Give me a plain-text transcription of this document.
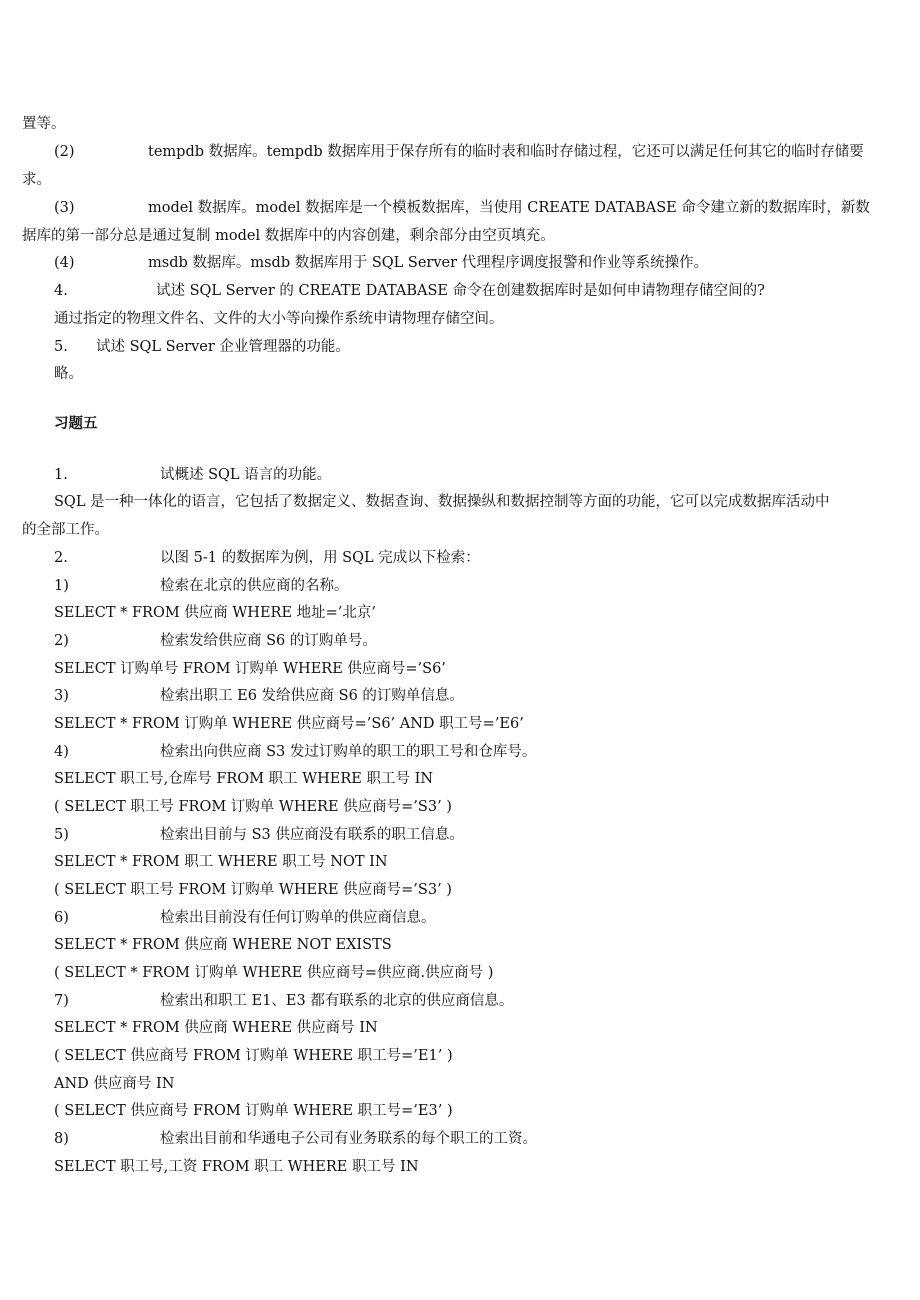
置等。

(2)	tempdb 数据库。tempdb 数据库用于保存所有的临时表和临时存储过程，它还可以满足任何其它的临时存储要
求。
(3)	model 数据库。model 数据库是一个模板数据库，当使用 CREATE DATABASE 命令建立新的数据库时，新数
据库的第一部分总是通过复制 model 数据库中的内容创建，剩余部分由空页填充。
(4)	msdb 数据库。msdb 数据库用于 SQL Server 代理程序调度报警和作业等系统操作。
4.	试述 SQL Server 的 CREATE DATABASE 命令在创建数据库时是如何申请物理存储空间的?
通过指定的物理文件名、文件的大小等向操作系统申请物理存储空间。
5. 试述 SQL Server 企业管理器的功能。
略。
习题五
1.	试概述 SQL 语言的功能。
SQL 是一种一体化的语言，它包括了数据定义、数据查询、数据操纵和数据控制等方面的功能，它可以完成数据库活动中
的全部工作。
2.	以图 5-1 的数据库为例，用 SQL 完成以下检索：
1)	检索在北京的供应商的名称。
SELECT * FROM 供应商 WHERE 地址=’北京’
2)	检索发给供应商 S6 的订购单号。
SELECT 订购单号 FROM 订购单 WHERE 供应商号=’S6’
3)	检索出职工 E6 发给供应商 S6 的订购单信息。
SELECT * FROM 订购单 WHERE 供应商号=’S6’ AND 职工号=’E6’
4)	检索出向供应商 S3 发过订购单的职工的职工号和仓库号。
SELECT 职工号,仓库号 FROM 职工 WHERE 职工号 IN
( SELECT 职工号 FROM 订购单 WHERE 供应商号=’S3’ )
5)	检索出目前与 S3 供应商没有联系的职工信息。
SELECT * FROM 职工 WHERE 职工号 NOT IN
( SELECT 职工号 FROM 订购单 WHERE 供应商号=’S3’ )
6)	检索出目前没有任何订购单的供应商信息。
SELECT * FROM 供应商 WHERE NOT EXISTS
( SELECT * FROM 订购单 WHERE 供应商号=供应商.供应商号 )
7)	检索出和职工 E1、E3 都有联系的北京的供应商信息。
SELECT * FROM 供应商 WHERE 供应商号 IN
( SELECT 供应商号 FROM 订购单 WHERE 职工号=’E1’ )
AND 供应商号 IN
( SELECT 供应商号 FROM 订购单 WHERE 职工号=’E3’ )
8)	检索出目前和华通电子公司有业务联系的每个职工的工资。
SELECT 职工号,工资 FROM 职工 WHERE 职工号 IN
